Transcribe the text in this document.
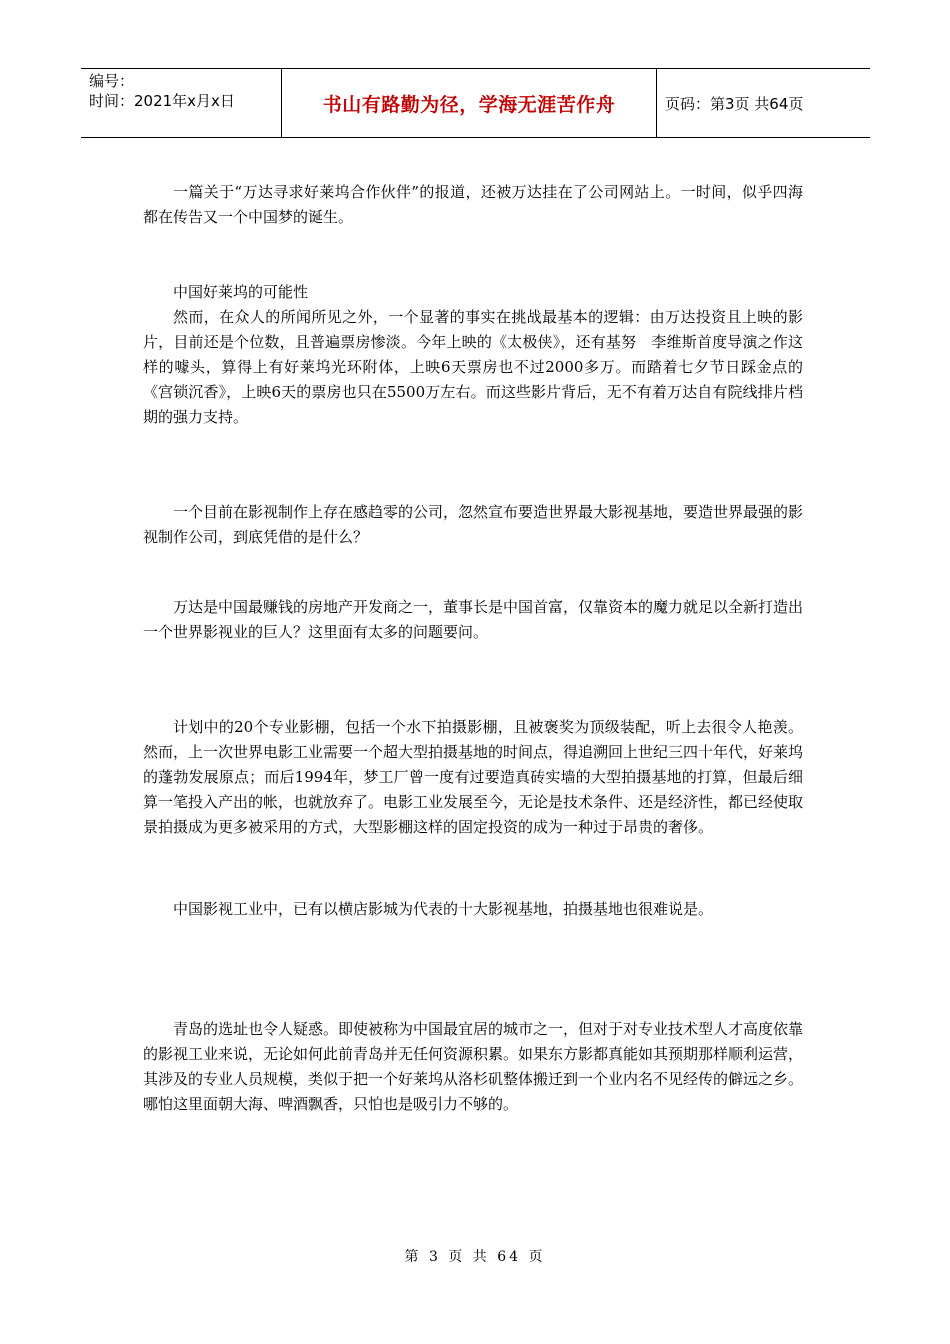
编号：
时间：2021年x月x日	书山有路勤为径，学海无涯苦作舟	页码：第3页 共64页

一篇关于“万达寻求好莱坞合作伙伴”的报道，还被万达挂在了公司网站上。一时间，似乎四海都在传告又一个中国梦的诞生。

中国好莱坞的可能性

然而，在众人的所闻所见之外，一个显著的事实在挑战最基本的逻辑：由万达投资且上映的影片，目前还是个位数，且普遍票房惨淡。今年上映的《太极侠》，还有基努　李维斯首度导演之作这样的噱头，算得上有好莱坞光环附体，上映6天票房也不过2000多万。而踏着七夕节日踩金点的《宫锁沉香》，上映6天的票房也只在5500万左右。而这些影片背后，无不有着万达自有院线排片档期的强力支持。

一个目前在影视制作上存在感趋零的公司，忽然宣布要造世界最大影视基地，要造世界最强的影视制作公司，到底凭借的是什么？

万达是中国最赚钱的房地产开发商之一，董事长是中国首富，仅靠资本的魔力就足以全新打造出一个世界影视业的巨人？这里面有太多的问题要问。

计划中的20个专业影棚，包括一个水下拍摄影棚，且被褒奖为顶级装配，听上去很令人艳羡。然而，上一次世界电影工业需要一个超大型拍摄基地的时间点，得追溯回上世纪三四十年代，好莱坞的蓬勃发展原点；而后1994年，梦工厂曾一度有过要造真砖实墙的大型拍摄基地的打算，但最后细算一笔投入产出的帐，也就放弃了。电影工业发展至今，无论是技术条件、还是经济性，都已经使取景拍摄成为更多被采用的方式，大型影棚这样的固定投资的成为一种过于昂贵的奢侈。

中国影视工业中，已有以横店影城为代表的十大影视基地，拍摄基地也很难说是。

青岛的选址也令人疑惑。即使被称为中国最宜居的城市之一，但对于对专业技术型人才高度依靠的影视工业来说，无论如何此前青岛并无任何资源积累。如果东方影都真能如其预期那样顺利运营，其涉及的专业人员规模，类似于把一个好莱坞从洛杉矶整体搬迁到一个业内名不见经传的僻远之乡。哪怕这里面朝大海、啤酒飘香，只怕也是吸引力不够的。

第 3 页 共 64 页
